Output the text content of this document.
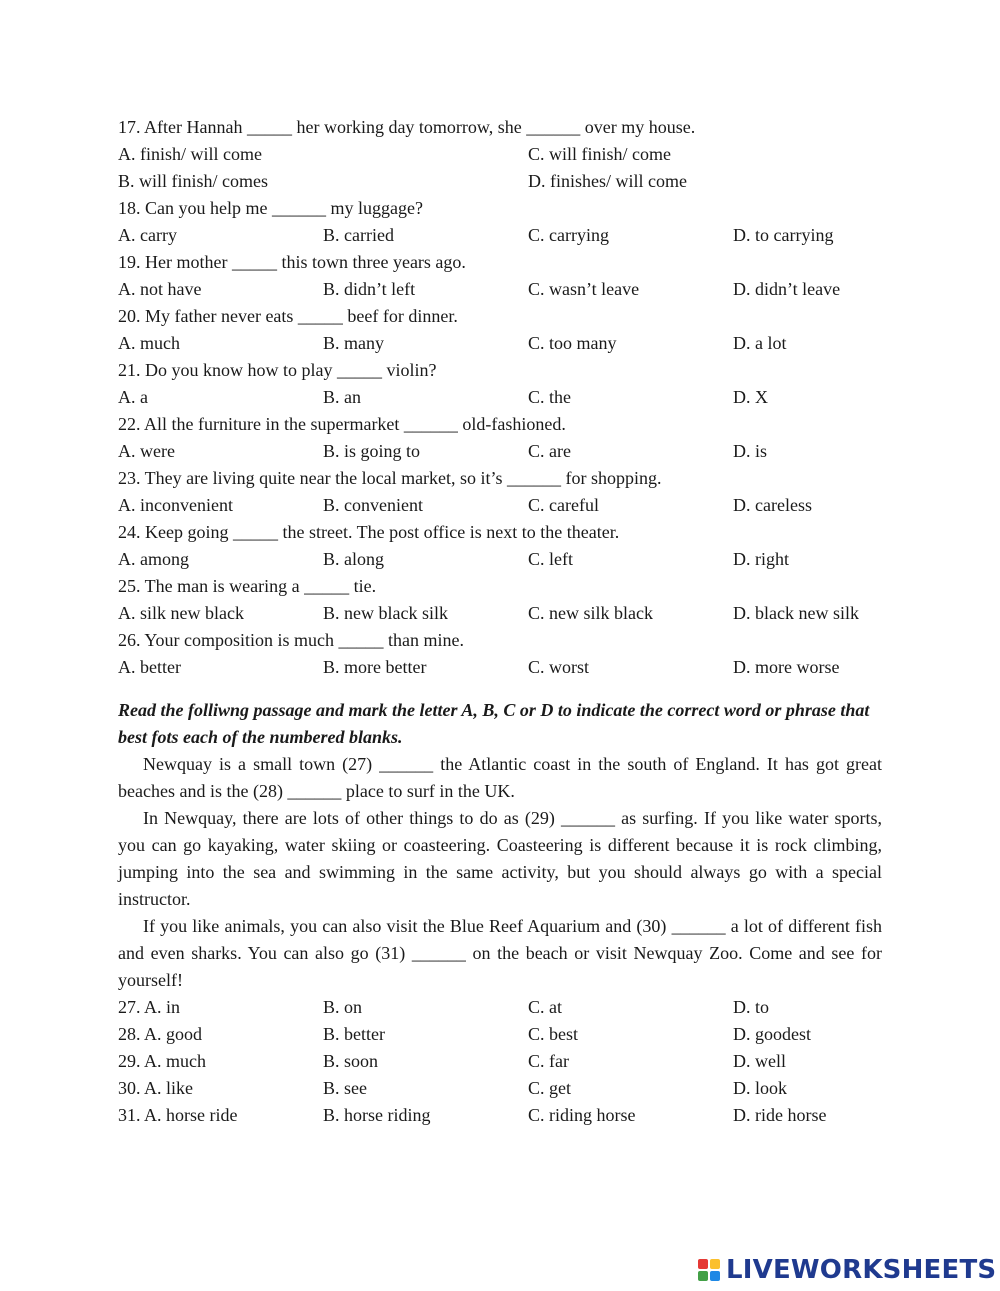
17. After Hannah _____ her working day tomorrow, she ______ over my house.
A. finish/ will come	C. will finish/ come
B. will finish/ comes	D. finishes/ will come
18. Can you help me ______ my luggage?
A. carry	B. carried	C. carrying	D. to carrying
19. Her mother _____ this town three years ago.
A. not have	B. didn’t left	C. wasn’t leave	D. didn’t leave
20. My father never eats _____ beef for dinner.
A. much	B. many	C. too many	D. a lot
21. Do you know how to play _____ violin?
A. a	B. an	C. the	D. X
22. All the furniture in the supermarket ______ old-fashioned.
A. were	B. is going to	C. are	D. is
23. They are living quite near the local market, so it’s ______ for shopping.
A. inconvenient	B. convenient	C. careful	D. careless
24. Keep going _____ the street. The post office is next to the theater.
A. among	B. along	C. left	D. right
25. The man is wearing a _____ tie.
A. silk new black	B. new black silk	C. new silk black	D. black new silk
26. Your composition is much _____ than mine.
A. better	B. more better	C. worst	D. more worse
Read the folliwng passage and mark the letter A, B, C or D to indicate the correct word or phrase that best fots each of the numbered blanks.
Newquay is a small town (27) ______ the Atlantic coast in the south of England. It has got great beaches and is the (28) ______ place to surf in the UK.
In Newquay, there are lots of other things to do as (29) ______ as surfing. If you like water sports, you can go kayaking, water skiing or coasteering. Coasteering is different because it is rock climbing, jumping into the sea and swimming in the same activity, but you should always go with a special instructor.
If you like animals, you can also visit the Blue Reef Aquarium and (30) ______ a lot of different fish and even sharks. You can also go (31) ______ on the beach or visit Newquay Zoo. Come and see for yourself!
27. A. in	B. on	C. at	D. to
28. A. good	B. better	C. best	D. goodest
29. A. much	B. soon	C. far	D. well
30. A. like	B. see	C. get	D. look
31. A. horse ride	B. horse riding	C. riding horse	D. ride horse
LIVEWORKSHEETS
